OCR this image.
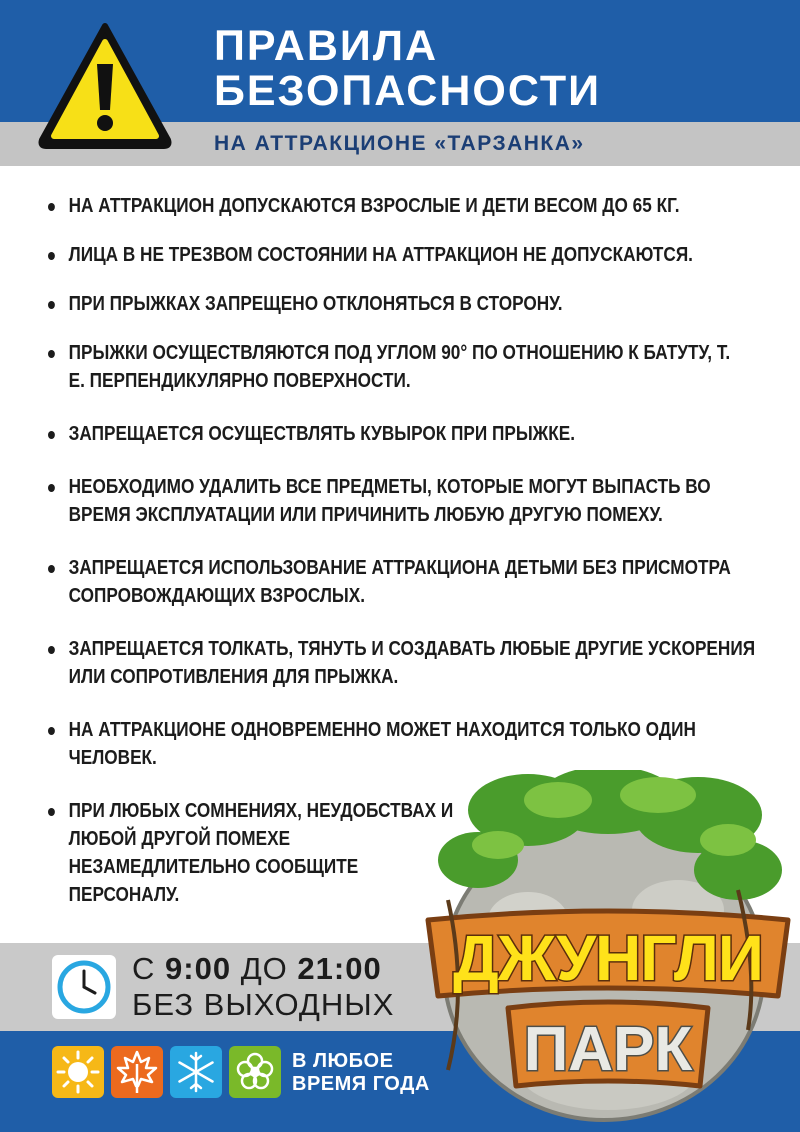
ПРАВИЛА
БЕЗОПАСНОСТИ

НА АТТРАКЦИОНЕ «ТАРЗАНКА»

НА АТТРАКЦИОН ДОПУСКАЮТСЯ ВЗРОСЛЫЕ И ДЕТИ ВЕСОМ ДО 65 КГ.
ЛИЦА В НЕ ТРЕЗВОМ СОСТОЯНИИ НА АТТРАКЦИОН НЕ ДОПУСКАЮТСЯ.
ПРИ ПРЫЖКАХ ЗАПРЕЩЕНО ОТКЛОНЯТЬСЯ В СТОРОНУ.
ПРЫЖКИ ОСУЩЕСТВЛЯЮТСЯ ПОД УГЛОМ 90° ПО ОТНОШЕНИЮ К БАТУТУ, Т.
Е. ПЕРПЕНДИКУЛЯРНО ПОВЕРХНОСТИ.
ЗАПРЕЩАЕТСЯ ОСУЩЕСТВЛЯТЬ КУВЫРОК ПРИ ПРЫЖКЕ.
НЕОБХОДИМО УДАЛИТЬ ВСЕ ПРЕДМЕТЫ, КОТОРЫЕ МОГУТ ВЫПАСТЬ ВО
ВРЕМЯ ЭКСПЛУАТАЦИИ ИЛИ ПРИЧИНИТЬ ЛЮБУЮ ДРУГУЮ ПОМЕХУ.
ЗАПРЕЩАЕТСЯ ИСПОЛЬЗОВАНИЕ АТТРАКЦИОНА ДЕТЬМИ БЕЗ ПРИСМОТРА
СОПРОВОЖДАЮЩИХ ВЗРОСЛЫХ.
ЗАПРЕЩАЕТСЯ ТОЛКАТЬ, ТЯНУТЬ И СОЗДАВАТЬ ЛЮБЫЕ ДРУГИЕ УСКОРЕНИЯ
ИЛИ СОПРОТИВЛЕНИЯ ДЛЯ ПРЫЖКА.
НА АТТРАКЦИОНЕ ОДНОВРЕМЕННО МОЖЕТ НАХОДИТСЯ ТОЛЬКО ОДИН
ЧЕЛОВЕК.
ПРИ ЛЮБЫХ СОМНЕНИЯХ, НЕУДОБСТВАХ И
ЛЮБОЙ ДРУГОЙ ПОМЕХЕ
НЕЗАМЕДЛИТЕЛЬНО СООБЩИТЕ
ПЕРСОНАЛУ.
С 9:00 ДО 21:00
БЕЗ ВЫХОДНЫХ

В ЛЮБОЕ
ВРЕМЯ ГОДА

ДЖУНГЛИ
ПАРК
